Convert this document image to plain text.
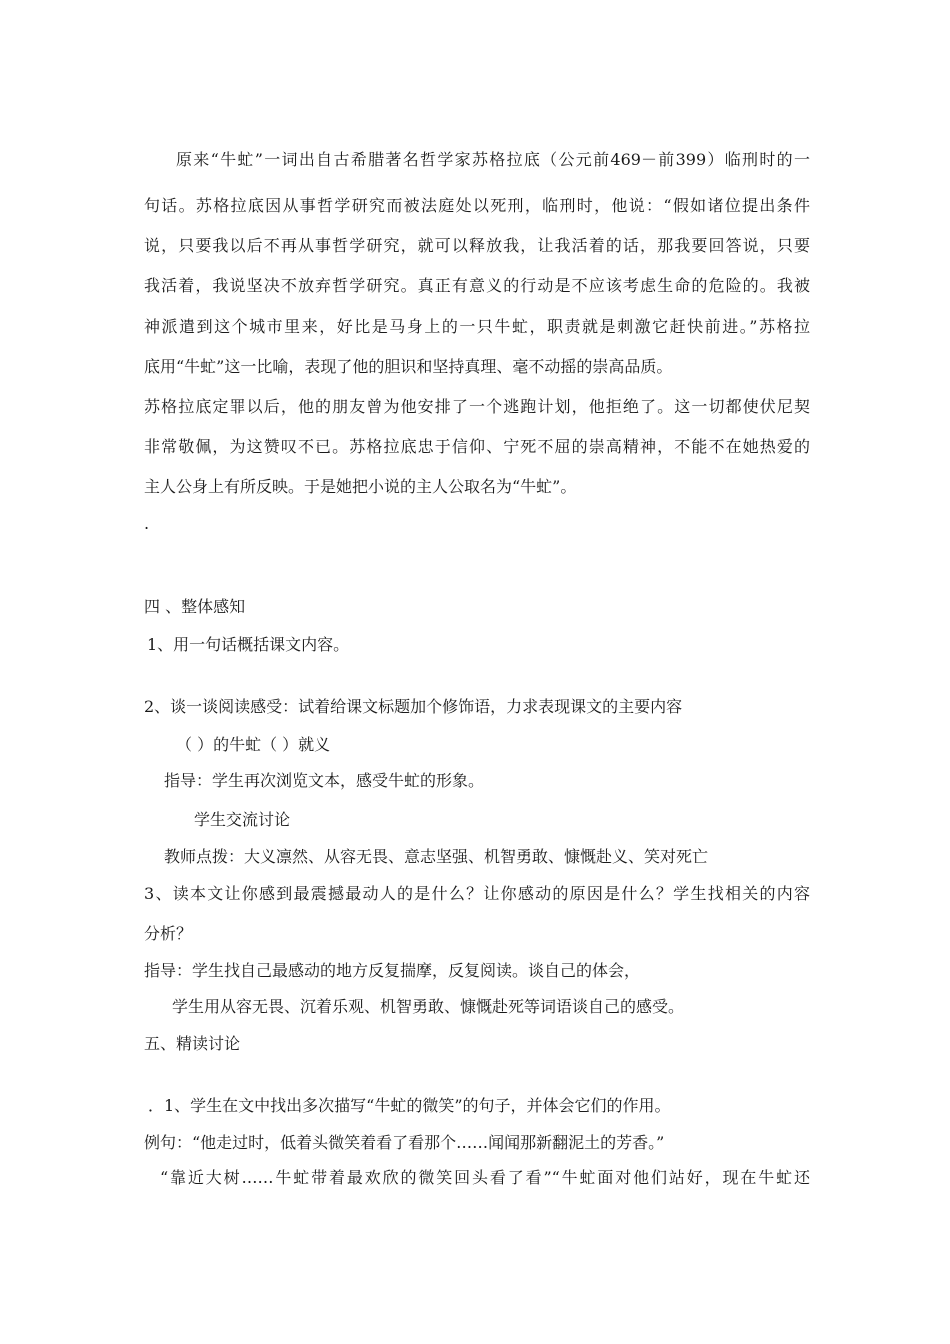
原来“牛虻”一词出自古希腊著名哲学家苏格拉底（公元前469－前399）临刑时的一
句话。苏格拉底因从事哲学研究而被法庭处以死刑，临刑时，他说：“假如诸位提出条件
说，只要我以后不再从事哲学研究，就可以释放我，让我活着的话，那我要回答说，只要
我活着，我说坚决不放弃哲学研究。真正有意义的行动是不应该考虑生命的危险的。我被
神派遣到这个城市里来，好比是马身上的一只牛虻，职责就是刺激它赶快前进。”苏格拉
底用“牛虻”这一比喻，表现了他的胆识和坚持真理、毫不动摇的崇高品质。
苏格拉底定罪以后，他的朋友曾为他安排了一个逃跑计划，他拒绝了。这一切都使伏尼契
非常敬佩，为这赞叹不已。苏格拉底忠于信仰、宁死不屈的崇高精神，不能不在她热爱的
主人公身上有所反映。于是她把小说的主人公取名为“牛虻”。
.
四 、整体感知
1、用一句话概括课文内容。
2、谈一谈阅读感受：试着给课文标题加个修饰语，力求表现课文的主要内容
（ ）的牛虻（ ）就义
指导：学生再次浏览文本，感受牛虻的形象。
学生交流讨论
教师点拨：大义凛然、从容无畏、意志坚强、机智勇敢、慷慨赴义、笑对死亡
3、读本文让你感到最震撼最动人的是什么？让你感动的原因是什么？学生找相关的内容
分析？
指导：学生找自己最感动的地方反复揣摩，反复阅读。谈自己的体会，
学生用从容无畏、沉着乐观、机智勇敢、慷慨赴死等词语谈自己的感受。
五、精读讨论
．1、学生在文中找出多次描写“牛虻的微笑”的句子，并体会它们的作用。
例句：“他走过时，低着头微笑着看了看那个……闻闻那新翻泥土的芳香。”
“靠近大树……牛虻带着最欢欣的微笑回头看了看”“牛虻面对他们站好，现在牛虻还
